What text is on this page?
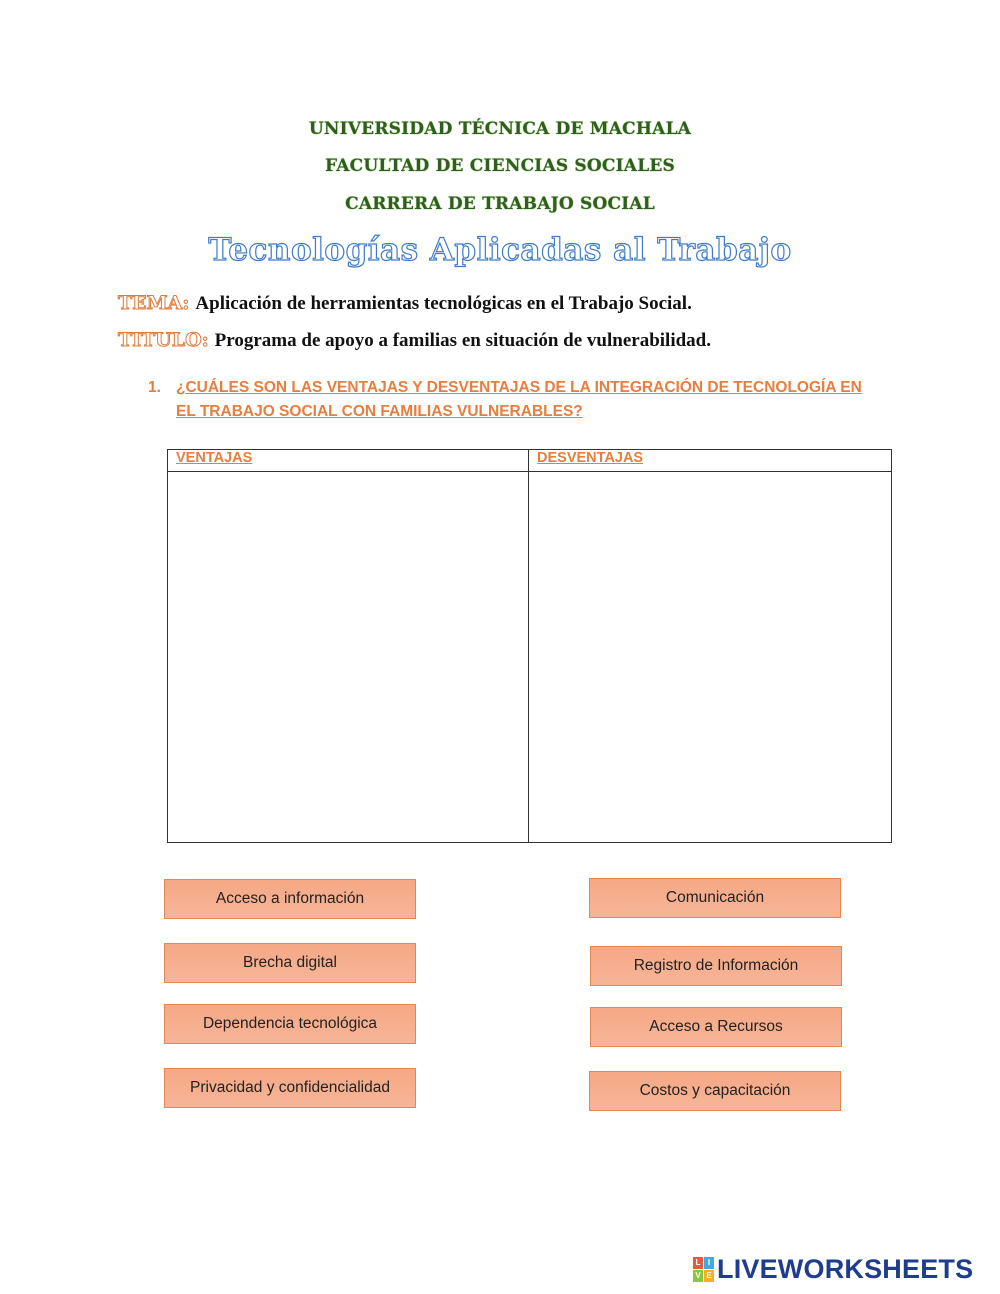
UNIVERSIDAD TÉCNICA DE MACHALA
FACULTAD DE CIENCIAS SOCIALES
CARRERA DE TRABAJO SOCIAL
Tecnologías Aplicadas al Trabajo
TEMA: Aplicación de herramientas tecnológicas en el Trabajo Social.
TITULO: Programa de apoyo a familias en situación de vulnerabilidad.
1. ¿CUÁLES SON LAS VENTAJAS Y DESVENTAJAS DE LA INTEGRACIÓN DE TECNOLOGÍA EN EL TRABAJO SOCIAL CON FAMILIAS VULNERABLES?
VENTAJAS	DESVENTAJAS

Acceso a información
Brecha digital
Dependencia tecnológica
Privacidad y confidencialidad
Comunicación
Registro de Información
Acceso a Recursos
Costos y capacitación
L I
V E LIVEWORKSHEETS
